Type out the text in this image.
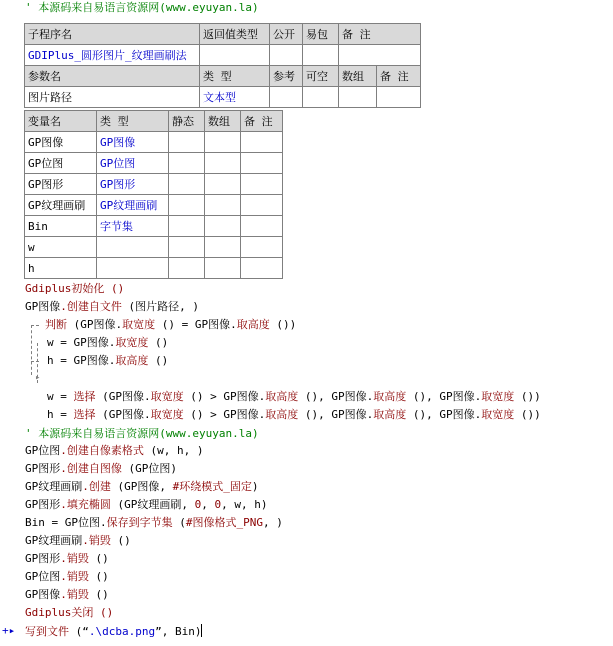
' 本源码来自易语言资源网(www.eyuyan.la)
子程序名	返回值类型	公开	易包	备 注	
GDIPlus_圆形图片_纹理画刷法					
参数名	类 型	参考	可空	数组	备 注
图片路径	文本型				
变量名	类 型	静态	数组	备 注
GP图像	GP图像			
GP位图	GP位图			
GP图形	GP图形			
GP纹理画刷	GP纹理画刷			
Bin	字节集			
w				
h				
Gdiplus初始化 ()
GP图像.创建自文件 (图片路径, )
▸
判断 (GP图像.取宽度 () = GP图像.取高度 ())
w = GP图像.取宽度 ()
h = GP图像.取高度 ()
w = 选择 (GP图像.取宽度 () > GP图像.取高度 (), GP图像.取高度 (), GP图像.取宽度 ())
h = 选择 (GP图像.取宽度 () > GP图像.取高度 (), GP图像.取高度 (), GP图像.取宽度 ())
' 本源码来自易语言资源网(www.eyuyan.la)
GP位图.创建自像素格式 (w, h, )
GP图形.创建自图像 (GP位图)
GP纹理画刷.创建 (GP图像, #环绕模式_固定)
GP图形.填充椭圆 (GP纹理画刷, 0, 0, w, h)
Bin = GP位图.保存到字节集 (#图像格式_PNG, )
GP纹理画刷.销毁 ()
GP图形.销毁 ()
GP位图.销毁 ()
GP图像.销毁 ()
Gdiplus关闭 ()
+▸ 写到文件 (“.\dcba.png”, Bin)
